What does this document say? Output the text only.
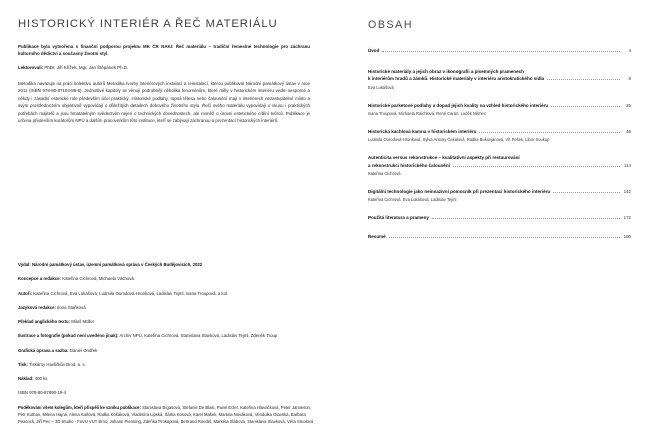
HISTORICKÝ INTERIÉR A ŘEČ MATERIÁLU
Publikace byla vytvořena s finanční podporou projektu MK ČR NAKI: Řeč materiálu – tradiční řemeslné technologie pro záchranu kulturního dědictví a současný životní styl.
Lektorovali: PhDr. Jiří Křížek, Mgr. Jan Štěpánek Ph.D.
Metodika navazuje na práci kolektivu autorů Metodika tvorby interiérových instalací a reinstalací, kterou publikoval Národní památkový ústav v roce 2011 (ISBN 978-80-87104-86-6). Jednotlivé kapitoly se věnují podrobněji několika fenoménům, které měly v historickém interiéru vedle nesporné a někdy i zásadní estetické role především účel praktický. Historické podlahy, topná tělesa nebo čalounění mají v interiérech nezastupitelné místo a svým prostřednictvím objektivně vypovídají o důležitých detailech dobového životního stylu. Řečí svého materiálu vypovídají o vkusu i praktických potřebách majitelů a jsou hmatatelným svědectvím nejen o technických dovednostech, ale rovněž o úrovni estetického cítění tvůrců. Publikace je určena především kurátorům NPÚ a dalším pracovníkům této instituce, kteří se zabývají záchranou a prezentací historických interiérů.
Vydal: Národní památkový ústav, územní památková správa v Českých Budějovicích, 2022
Koncepce a redakce: Kateřina Cichrová, Michaela Váchová
Autoři: Kateřina Cichrová, Eva Lukášová, Ludmila Ourodová-Hronková, Ladislav Tejml, Ivana Troupová, a kol.
Jazyková redakce: Ilona Staňková
Překlad anglického textu: Miloš Müller
Ilustrace a fotografie (pokud není uvedeno jinak): Archiv NPÚ, Kateřina Cichrová, Stanislava Slavková, Ladislav Tejml, Zdeněk Troup
Grafická úprava a sazba: Daniel Ondřek
Tisk: Tiskárny Havlíčkův Brod, a. s.
Náklad: 400 ks
ISBN 978-80-87890-19-4
Poděkování všem kolegům, kteří přispěli ke vzniku publikace: Stanislava Bígasová, Stefanie De Blasi, Pavel Ecler, Kateřina Hlaváčková, Peter Jamieson, Petr Kuthan, Milena Hajná, Alena Karlová, Radka Košáková, Vladimíra Lipská, Šárka Kosová, Karel Mašek, Martina Nováková, Vendulka Otavská, Barbara Peacock, Jiří Pec – 3D Studio - FaVU VUT Brno, Johann Pienning, Zdeňka Prokopová, Bertrand Roedel, Markéta Slábová, Stanislava Slavková, Věra Smolová
OBSAH
Úvod	4
Historické materiály a jejich obraz v ikonografii a písemných pramenech
k interiérům hradů a zámků. Historické materiály v interiéru aristokratického sídla	8
Eva Lukášová
Historické parketové podlahy a dopad jejich kvality na vzhled historického interiéru	26
Ivana Troupová, Michaela Raichlová, René Caran, Luděk Němec
Historická kachlová kamna v historickém interiéru	46
Ludmila Ourodová-Hronková, Sylva Antony Čekalová, Radka Bukovjanová, Vít Pešek, Libor Soukup
Autenticita versus rekonstrukce – kvalitativní aspekty při restaurování
a rekonstrukci historického čalounění	114
Kateřina Cichrová
Digitální technologie jako neinvazivní pomocník při prezentaci historického interiéru	142
Kateřina Cichrová, Eva Lukášová, Ladislav Tejml
Použitá literatura a prameny	172
Resumé	180
